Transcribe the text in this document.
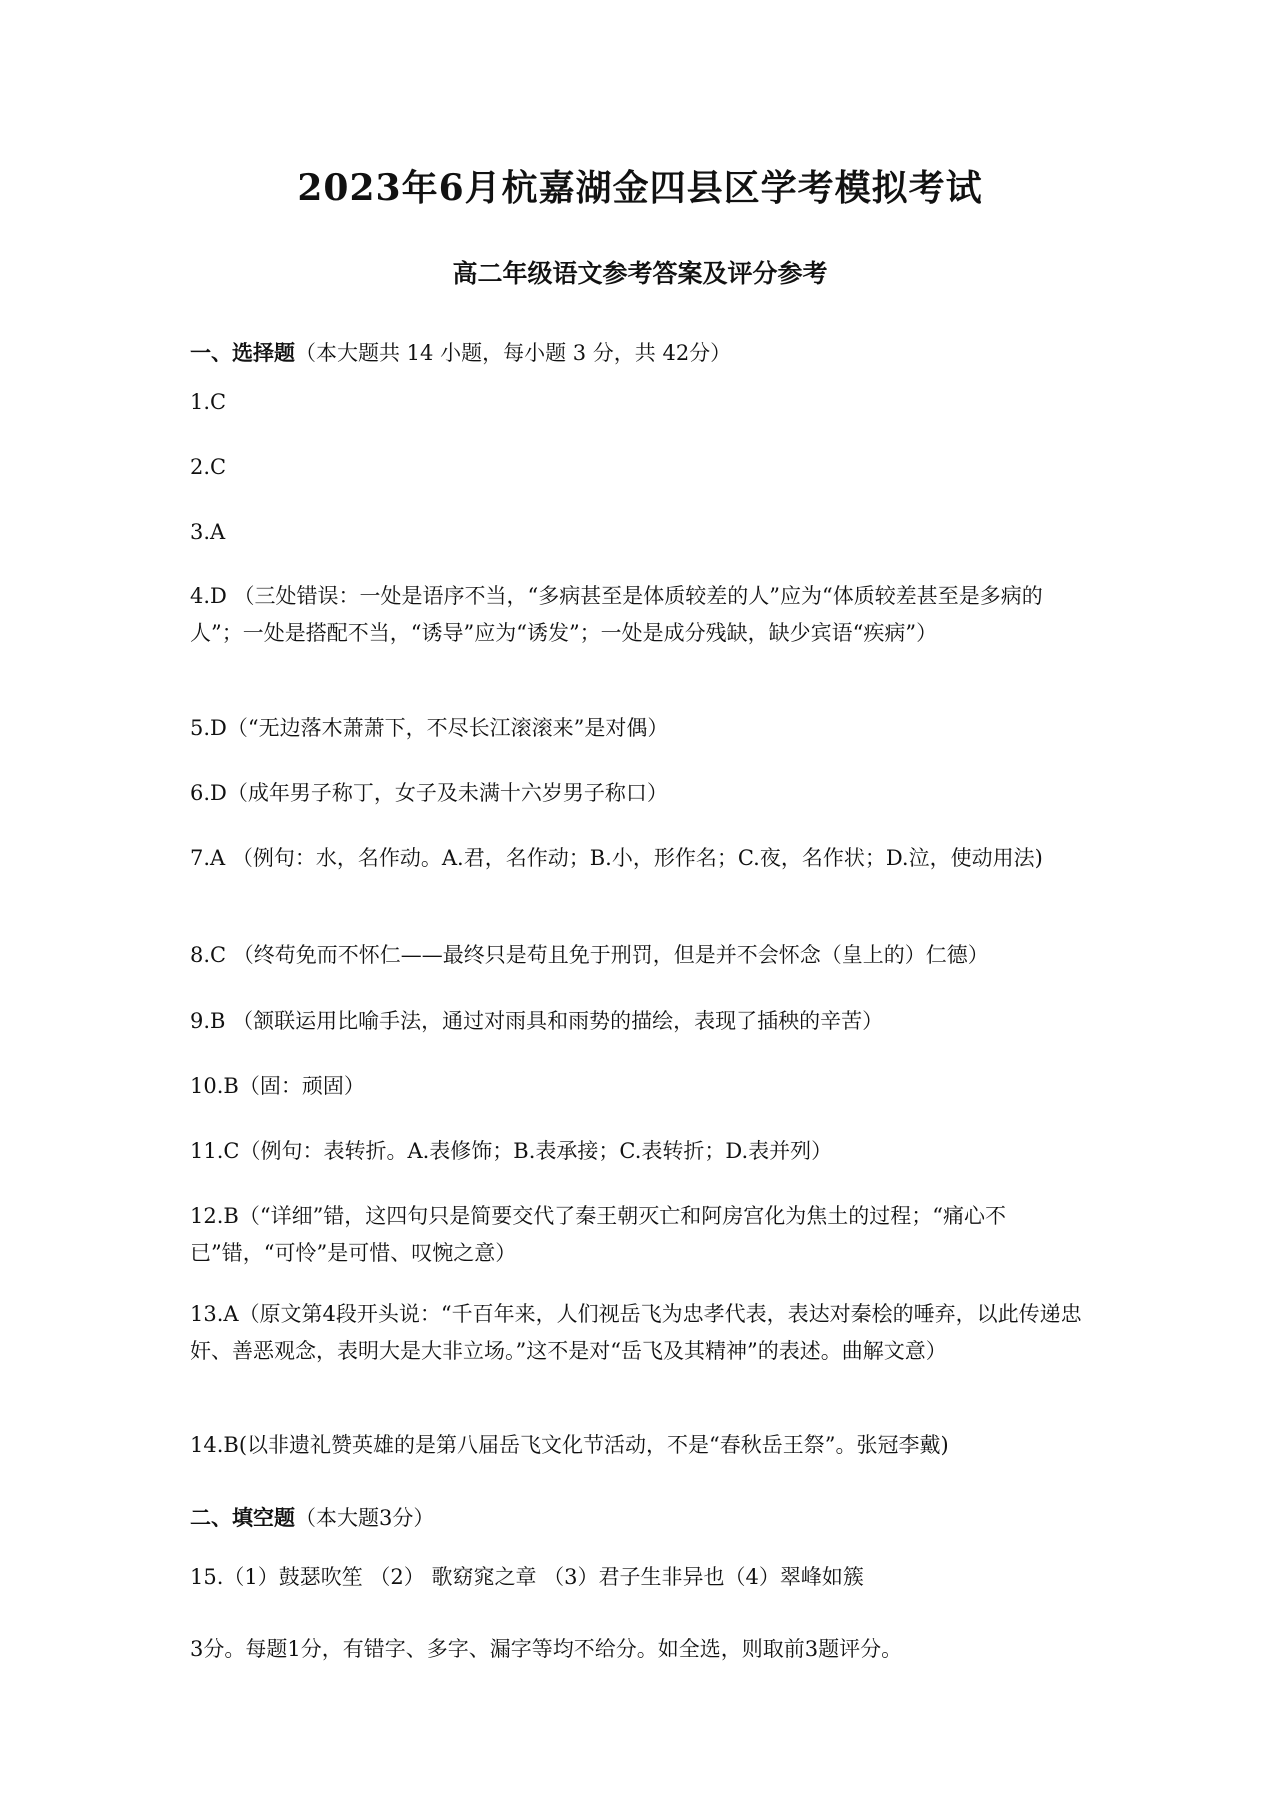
2023年6月杭嘉湖金四县区学考模拟考试
高二年级语文参考答案及评分参考
一、选择题（本大题共 14 小题，每小题 3 分，共 42分）
1.C
2.C
3.A
4.D （三处错误：一处是语序不当，“多病甚至是体质较差的人”应为“体质较差甚至是多病的人”；一处是搭配不当，“诱导”应为“诱发”；一处是成分残缺，缺少宾语“疾病”）
5.D（“无边落木萧萧下，不尽长江滚滚来”是对偶）
6.D（成年男子称丁，女子及未满十六岁男子称口）
7.A （例句：水，名作动。A.君，名作动；B.小，形作名；C.夜，名作状；D.泣，使动用法)
8.C （终苟免而不怀仁——最终只是苟且免于刑罚，但是并不会怀念（皇上的）仁德）
9.B （颔联运用比喻手法，通过对雨具和雨势的描绘，表现了插秧的辛苦）
10.B（固：顽固）
11.C（例句：表转折。A.表修饰；B.表承接；C.表转折；D.表并列）
12.B（“详细”错，这四句只是简要交代了秦王朝灭亡和阿房宫化为焦土的过程；“痛心不已”错，“可怜”是可惜、叹惋之意）
13.A（原文第4段开头说：“千百年来，人们视岳飞为忠孝代表，表达对秦桧的唾弃，以此传递忠奸、善恶观念，表明大是大非立场。”这不是对“岳飞及其精神”的表述。曲解文意）
14.B(以非遗礼赞英雄的是第八届岳飞文化节活动，不是“春秋岳王祭”。张冠李戴)
二、填空题（本大题3分）
15.（1）鼓瑟吹笙 （2） 歌窈窕之章 （3）君子生非异也（4）翠峰如簇
3分。每题1分，有错字、多字、漏字等均不给分。如全选，则取前3题评分。
